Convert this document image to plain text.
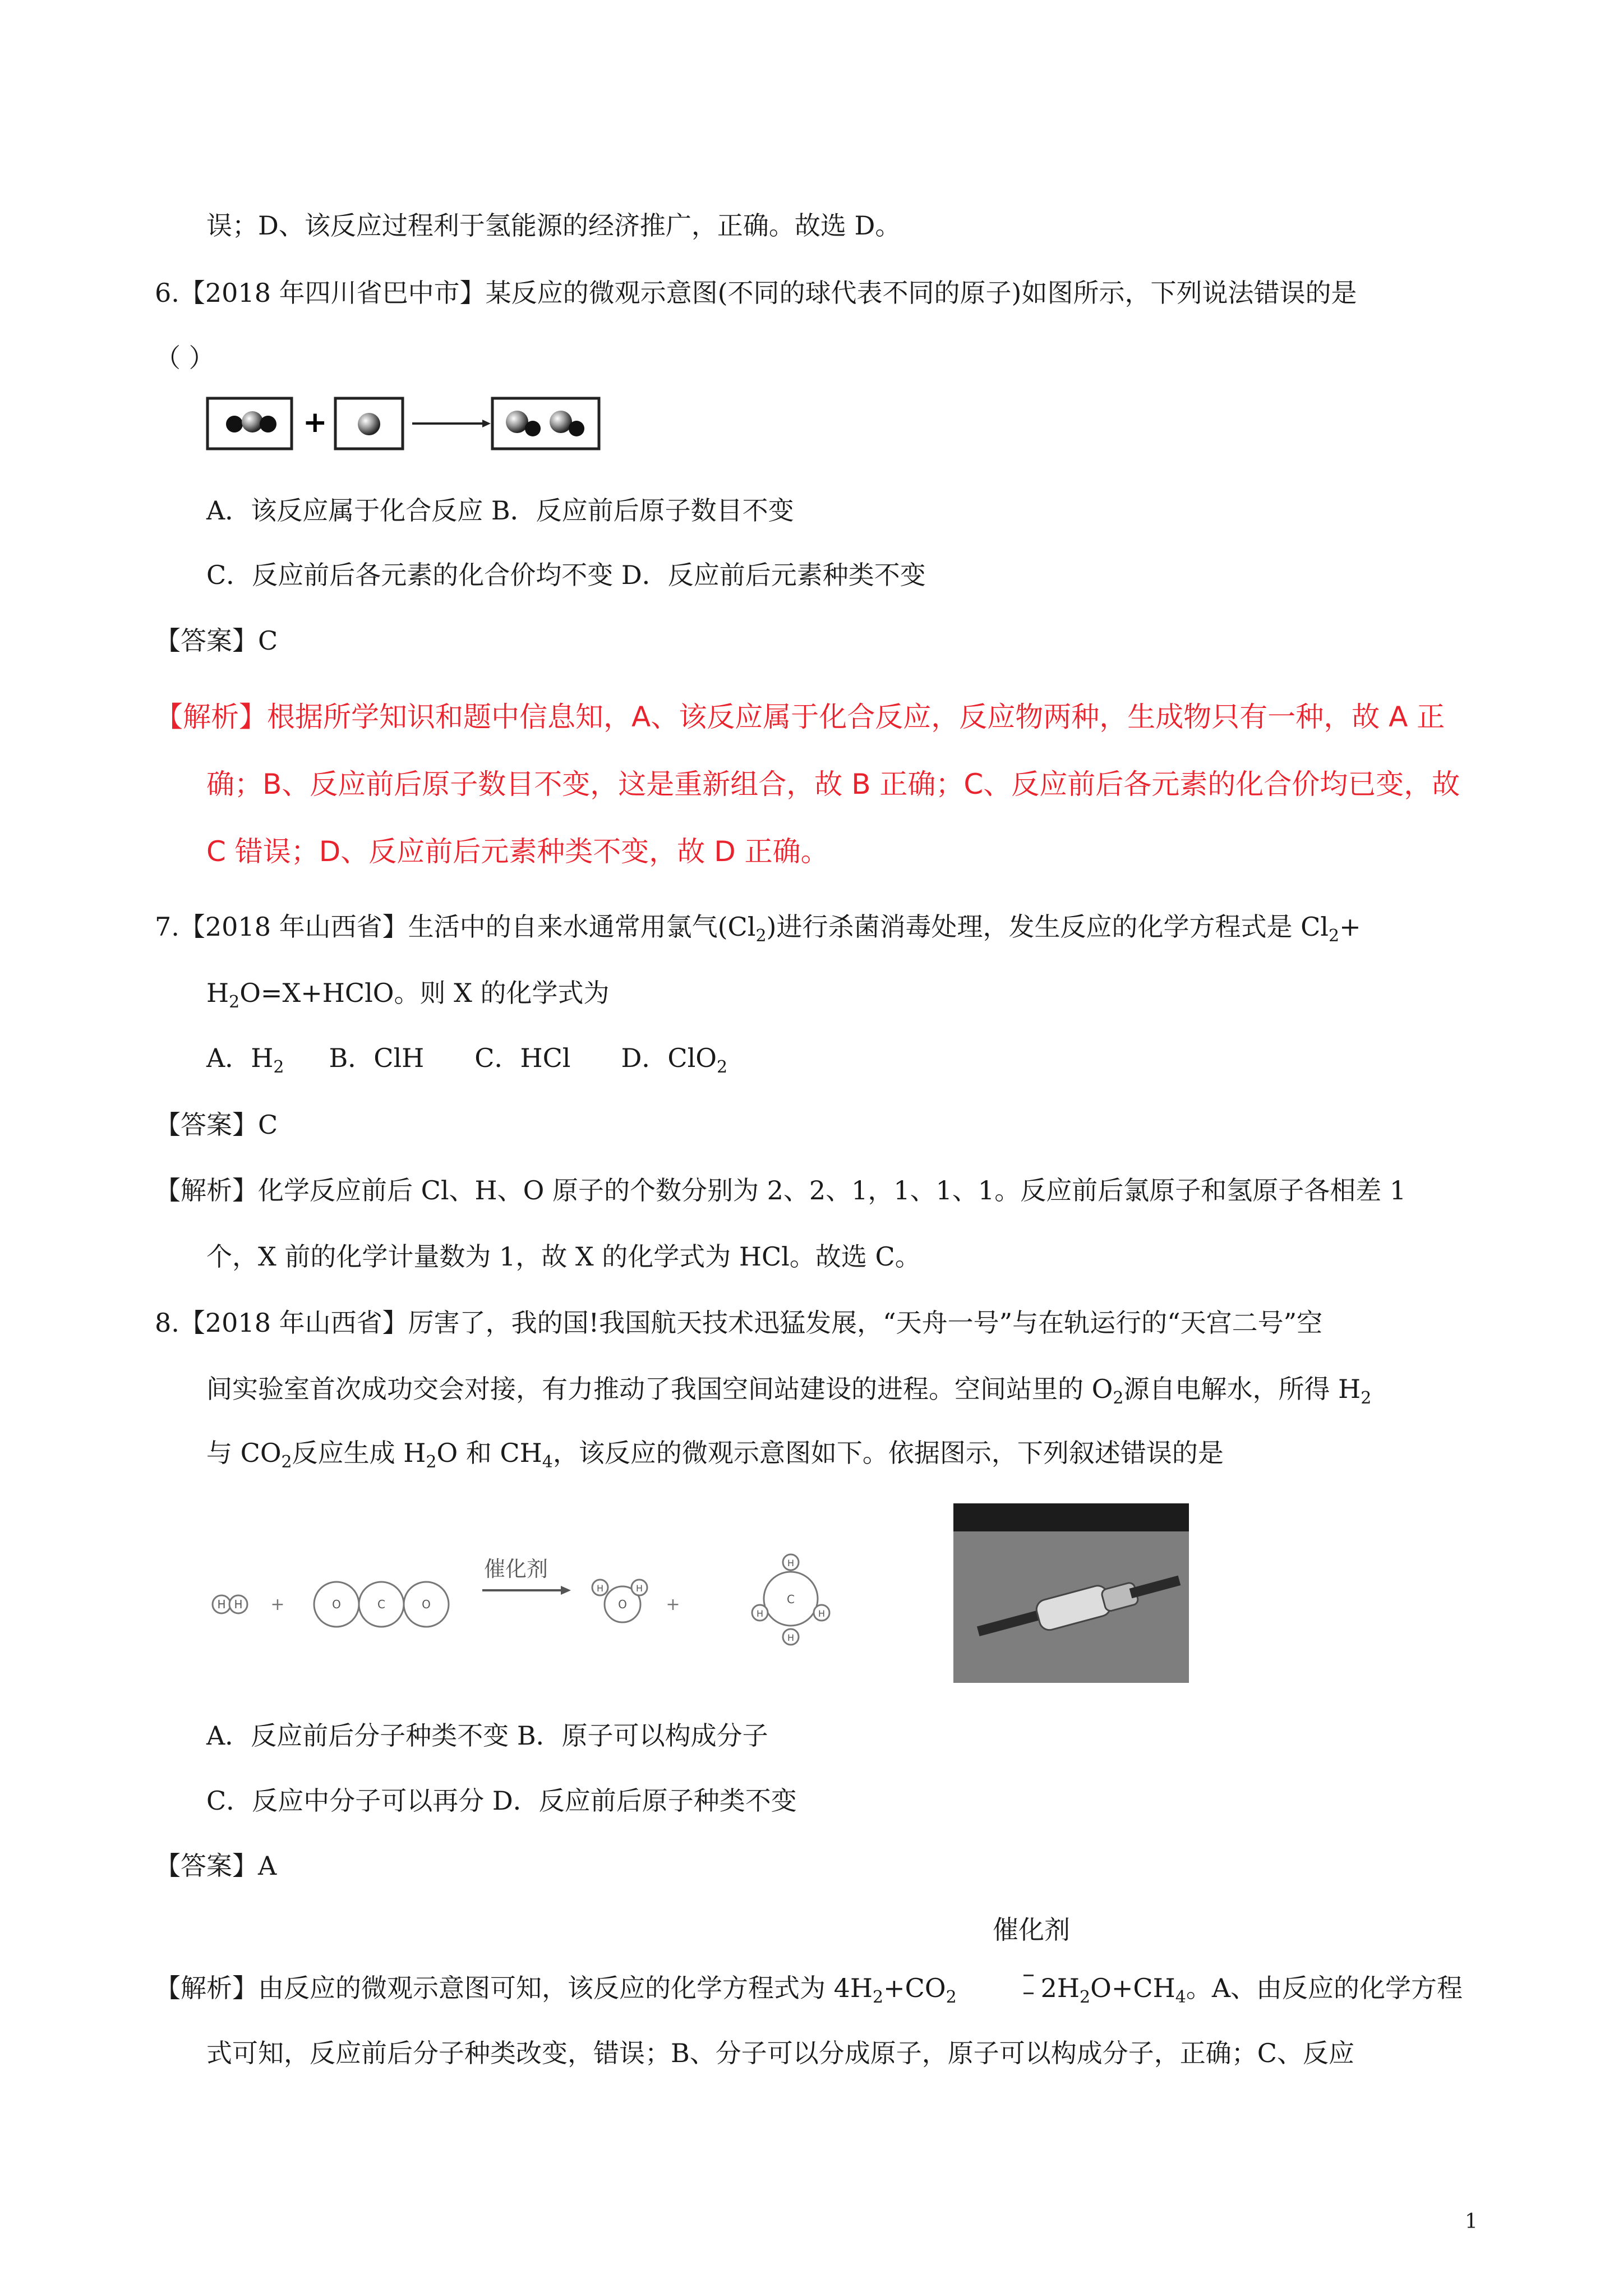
误；D、该反应过程利于氢能源的经济推广，正确。故选 D。
6.【2018 年四川省巴中市】某反应的微观示意图(不同的球代表不同的原子)如图所示，下列说法错误的是
（ ）
+
A．该反应属于化合反应 B．反应前后原子数目不变
C．反应前后各元素的化合价均不变 D．反应前后元素种类不变
【答案】C
【解析】根据所学知识和题中信息知，A、该反应属于化合反应，反应物两种，生成物只有一种，故 A 正
确；B、反应前后原子数目不变，这是重新组合，故 B 正确；C、反应前后各元素的化合价均已变，故
C 错误；D、反应前后元素种类不变，故 D 正确。
7.【2018 年山西省】生活中的自来水通常用氯气$(Cl_2)$进行杀菌消毒处理，发生反应的化学方程式是 $Cl_2+$
$H_2O=X+HClO$。则 X 的化学式为
A．$H_2$ B．ClH C．HCl D．ClO$_2$
【答案】C
【解析】化学反应前后 Cl、H、O 原子的个数分别为 2、2、1，1、1、1。反应前后氯原子和氢原子各相差 1
个，X 前的化学计量数为 1，故 X 的化学式为 HCl。故选 C。
8.【2018 年山西省】厉害了，我的国!我国航天技术迅猛发展，“天舟一号”与在轨运行的“天宫二号”空
间实验室首次成功交会对接，有力推动了我国空间站建设的进程。空间站里的 $O_2$源自电解水，所得 $H_2$
与 $CO_2$反应生成 $H_2O$ 和 $CH_4$，该反应的微观示意图如下。依据图示，下列叙述错误的是
H H +	O	C	O
催化剂
O
H	H
+	C
H
H	H
H
A．反应前后分子种类不变 B．原子可以构成分子
C．反应中分子可以再分 D．反应前后原子种类不变
【答案】A
催化剂
【解析】由反应的微观示意图可知，该反应的化学方程式为 $4H_2+CO_2$	$2H_2O+CH_4$。A、由反应的化学方程
式可知，反应前后分子种类改变，错误；B、分子可以分成原子，原子可以构成分子，正确；C、反应
1
